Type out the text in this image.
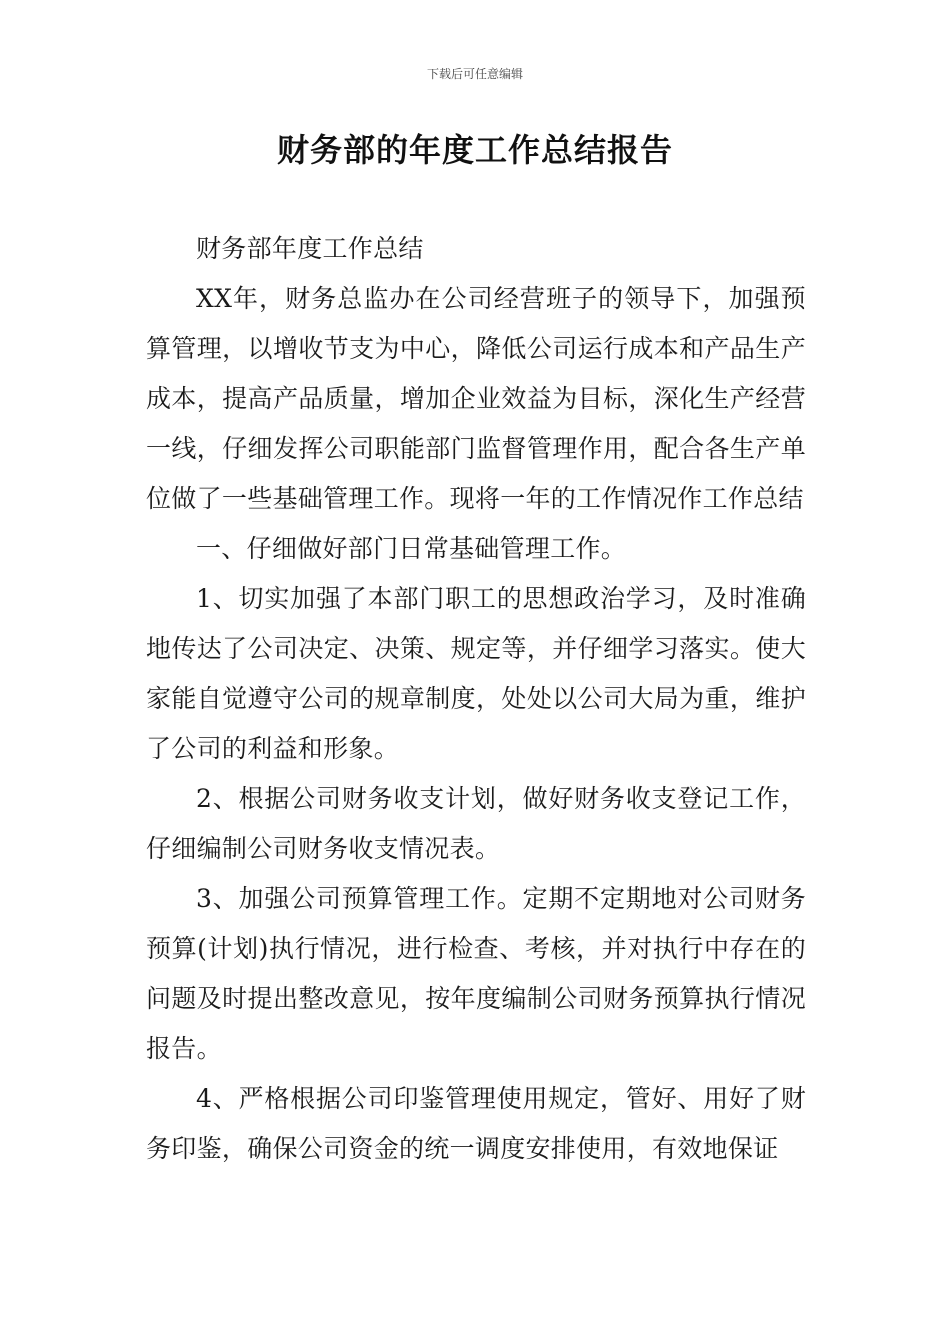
下载后可任意编辑
财务部的年度工作总结报告

财务部年度工作总结

XX年，财务总监办在公司经营班子的领导下，加强预算管理，以增收节支为中心，降低公司运行成本和产品生产成本，提高产品质量，增加企业效益为目标，深化生产经营一线，仔细发挥公司职能部门监督管理作用，配合各生产单位做了一些基础管理工作。现将一年的工作情况作工作总结

一、仔细做好部门日常基础管理工作。

1、切实加强了本部门职工的思想政治学习，及时准确地传达了公司决定、决策、规定等，并仔细学习落实。使大家能自觉遵守公司的规章制度，处处以公司大局为重，维护了公司的利益和形象。

2、根据公司财务收支计划，做好财务收支登记工作，仔细编制公司财务收支情况表。

3、加强公司预算管理工作。定期不定期地对公司财务预算(计划)执行情况，进行检查、考核，并对执行中存在的问题及时提出整改意见，按年度编制公司财务预算执行情况报告。

4、严格根据公司印鉴管理使用规定，管好、用好了财务印鉴，确保公司资金的统一调度安排使用，有效地保证
